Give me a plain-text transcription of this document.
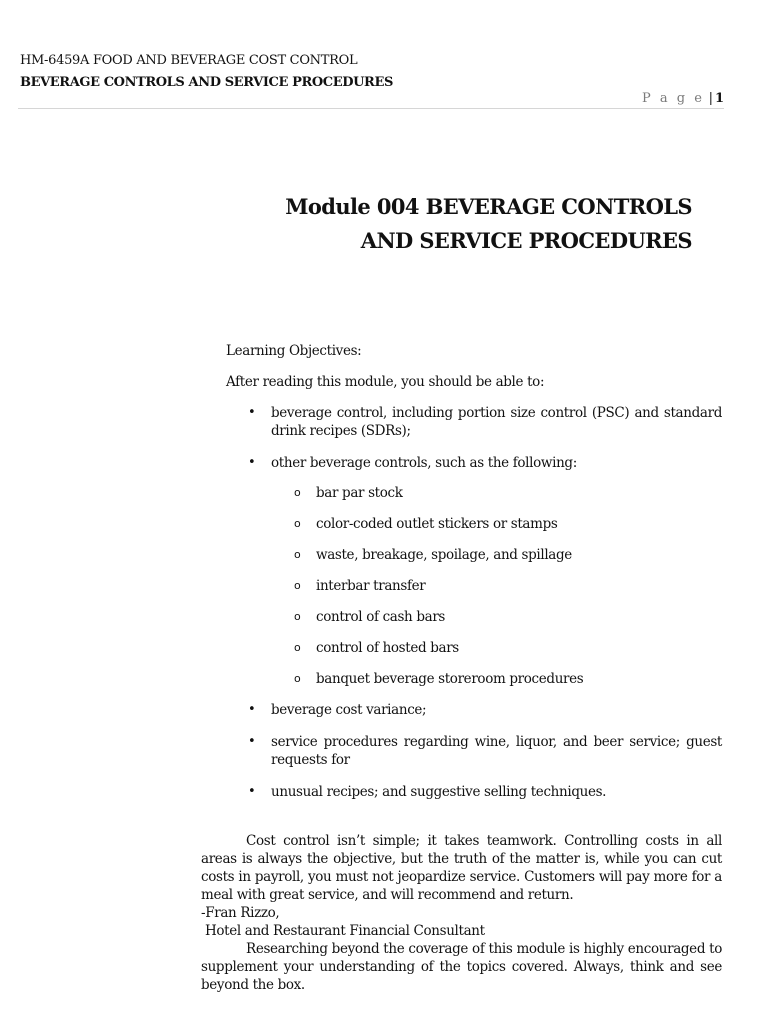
HM-6459A FOOD AND BEVERAGE COST CONTROL
BEVERAGE CONTROLS AND SERVICE PROCEDURES
P a g e | 1
Module 004 BEVERAGE CONTROLS
AND SERVICE PROCEDURES
Learning Objectives:
After reading this module, you should be able to:
• beverage control, including portion size control (PSC) and standard drink recipes (SDRs);
• other beverage controls, such as the following:
o bar par stock
o color-coded outlet stickers or stamps
o waste, breakage, spoilage, and spillage
o interbar transfer
o control of cash bars
o control of hosted bars
o banquet beverage storeroom procedures
• beverage cost variance;
• service procedures regarding wine, liquor, and beer service; guest requests for
• unusual recipes; and suggestive selling techniques.

Cost control isn’t simple; it takes teamwork. Controlling costs in all areas is always the objective, but the truth of the matter is, while you can cut costs in payroll, you must not jeopardize service. Customers will pay more for a meal with great service, and will recommend and return.

-Fran Rizzo,

Hotel and Restaurant Financial Consultant

Researching beyond the coverage of this module is highly encouraged to supplement your understanding of the topics covered. Always, think and see beyond the box.
